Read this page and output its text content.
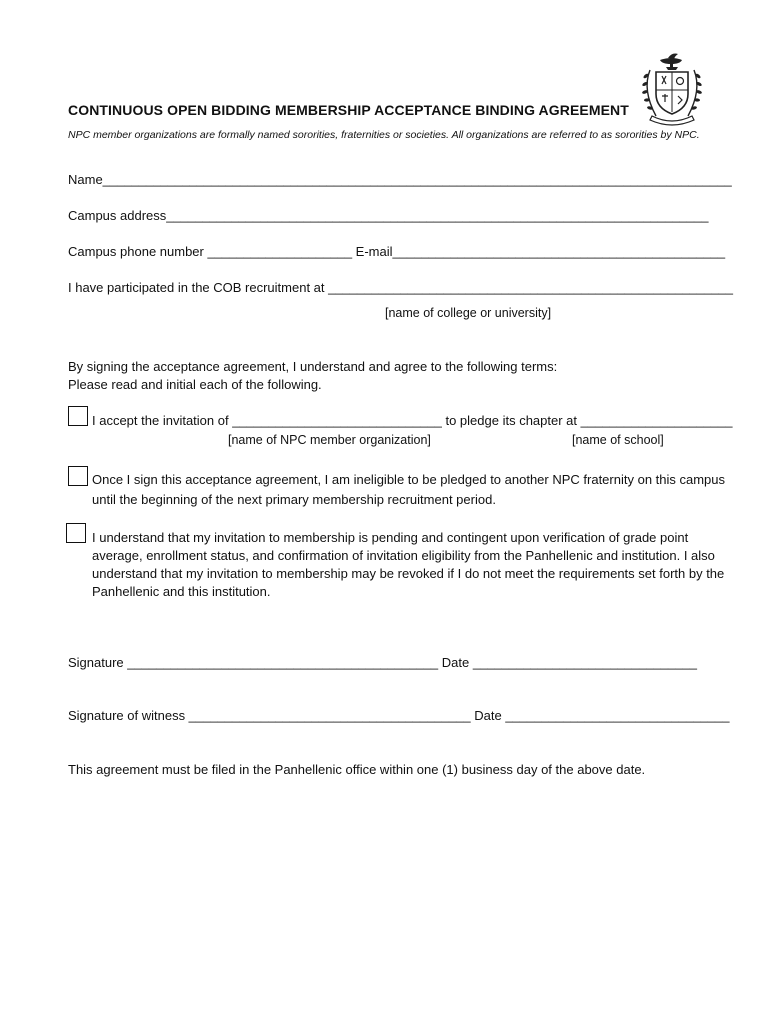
CONTINUOUS OPEN BIDDING MEMBERSHIP ACCEPTANCE BINDING AGREEMENT
NPC member organizations are formally named sororities, fraternities or societies. All organizations are referred to as sororities by NPC.
Name_______________________________________________________________________________________
Campus address___________________________________________________________________________
Campus phone number ____________________ E-mail______________________________________________
I have participated in the COB recruitment at ________________________________________________________
[name of college or university]
By signing the acceptance agreement, I understand and agree to the following terms:
Please read and initial each of the following.
I accept the invitation of _____________________________ to pledge its chapter at _____________________
[name of NPC member organization]	[name of school]
Once I sign this acceptance agreement, I am ineligible to be pledged to another NPC fraternity on this campus
until the beginning of the next primary membership recruitment period.
I understand that my invitation to membership is pending and contingent upon verification of grade point
average, enrollment status, and confirmation of invitation eligibility from the Panhellenic and institution. I also
understand that my invitation to membership may be revoked if I do not meet the requirements set forth by the
Panhellenic and this institution.
Signature ___________________________________________ Date _______________________________
Signature of witness _______________________________________ Date _______________________________
This agreement must be filed in the Panhellenic office within one (1) business day of the above date.
